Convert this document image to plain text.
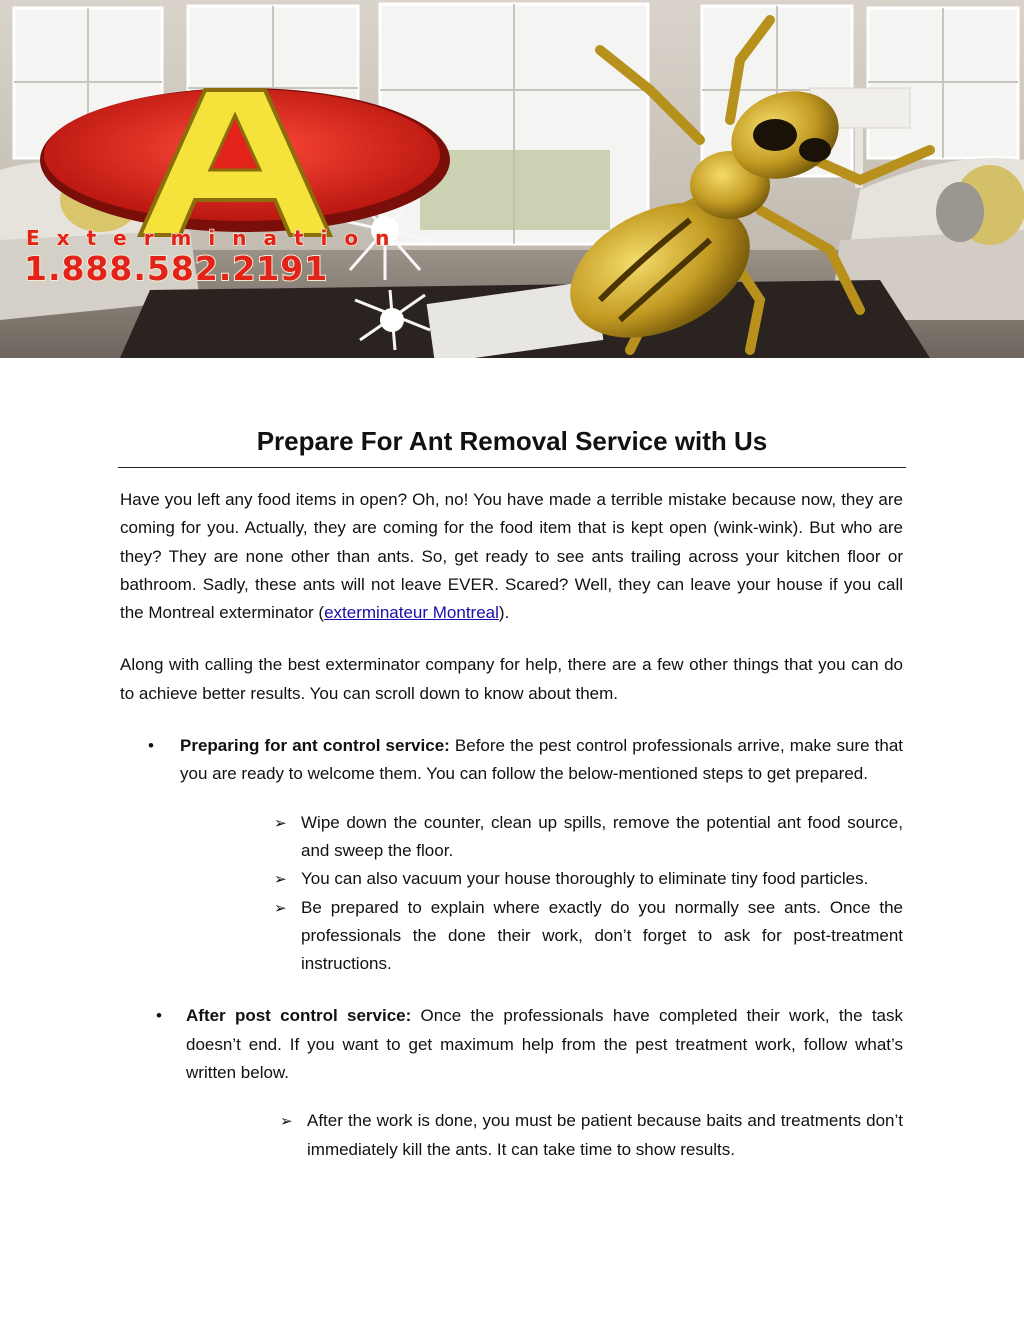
Extermination
1.888.582.2191
Prepare For Ant Removal Service with Us

Have you left any food items in open? Oh, no! You have made a terrible mistake because now, they are coming for you. Actually, they are coming for the food item that is kept open (wink-wink). But who are they? They are none other than ants. So, get ready to see ants trailing across your kitchen floor or bathroom. Sadly, these ants will not leave EVER. Scared? Well, they can leave your house if you call the Montreal exterminator (exterminateur Montreal).

Along with calling the best exterminator company for help, there are a few other things that you can do to achieve better results. You can scroll down to know about them.

• Preparing for ant control service: Before the pest control professionals arrive, make sure that you are ready to welcome them. You can follow the below-mentioned steps to get prepared.
➢ Wipe down the counter, clean up spills, remove the potential ant food source, and sweep the floor.
➢ You can also vacuum your house thoroughly to eliminate tiny food particles.
➢ Be prepared to explain where exactly do you normally see ants. Once the professionals the done their work, don’t forget to ask for post-treatment instructions.
• After post control service: Once the professionals have completed their work, the task doesn’t end. If you want to get maximum help from the pest treatment work, follow what’s written below.
➢ After the work is done, you must be patient because baits and treatments don’t immediately kill the ants. It can take time to show results.
